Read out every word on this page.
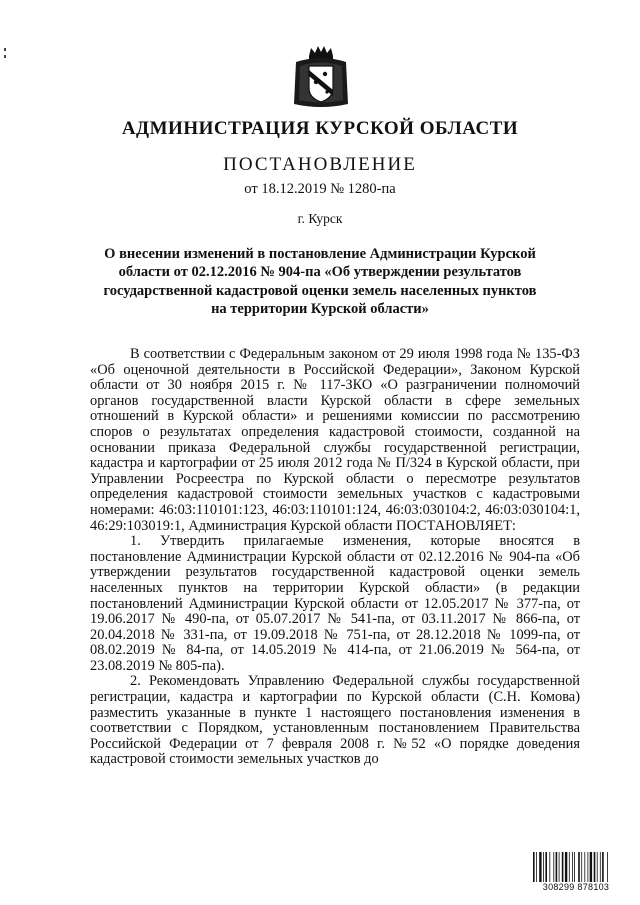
АДМИНИСТРАЦИЯ КУРСКОЙ ОБЛАСТИ
ПОСТАНОВЛЕНИЕ
от 18.12.2019 № 1280-па
г. Курск
О внесении изменений в постановление Администрации Курской области от 02.12.2016 № 904-па «Об утверждении результатов государственной кадастровой оценки земель населенных пунктов на территории Курской области»

В соответствии с Федеральным законом от 29 июля 1998 года № 135-ФЗ «Об оценочной деятельности в Российской Федерации», Законом Курской области от 30 ноября 2015 г. № 117-ЗКО «О разграничении полномочий органов государственной власти Курской области в сфере земельных отношений в Курской области» и решениями комиссии по рассмотрению споров о результатах определения кадастровой стоимости, созданной на основании приказа Федеральной службы государственной регистрации, кадастра и картографии от 25 июля 2012 года № П/324 в Курской области, при Управлении Росреестра по Курской области о пересмотре результатов определения кадастровой стоимости земельных участков с кадастровыми номерами: 46:03:110101:123, 46:03:110101:124, 46:03:030104:2, 46:03:030104:1, 46:29:103019:1, Администрация Курской области ПОСТАНОВЛЯЕТ:

1. Утвердить прилагаемые изменения, которые вносятся в постановление Администрации Курской области от 02.12.2016 № 904-па «Об утверждении результатов государственной кадастровой оценки земель населенных пунктов на территории Курской области» (в редакции постановлений Администрации Курской области от 12.05.2017 № 377-па, от 19.06.2017 № 490-па, от 05.07.2017 № 541-па, от 03.11.2017 № 866-па, от 20.04.2018 № 331-па, от 19.09.2018 № 751-па, от 28.12.2018 № 1099-па, от 08.02.2019 № 84-па, от 14.05.2019 № 414-па, от 21.06.2019 № 564-па, от 23.08.2019 № 805-па).

2. Рекомендовать Управлению Федеральной службы государственной регистрации, кадастра и картографии по Курской области (С.Н. Комова) разместить указанные в пункте 1 настоящего постановления изменения в соответствии с Порядком, установленным постановлением Правительства Российской Федерации от 7 февраля 2008 г. №52 «О порядке доведения кадастровой стоимости земельных участков до

308299 878103
